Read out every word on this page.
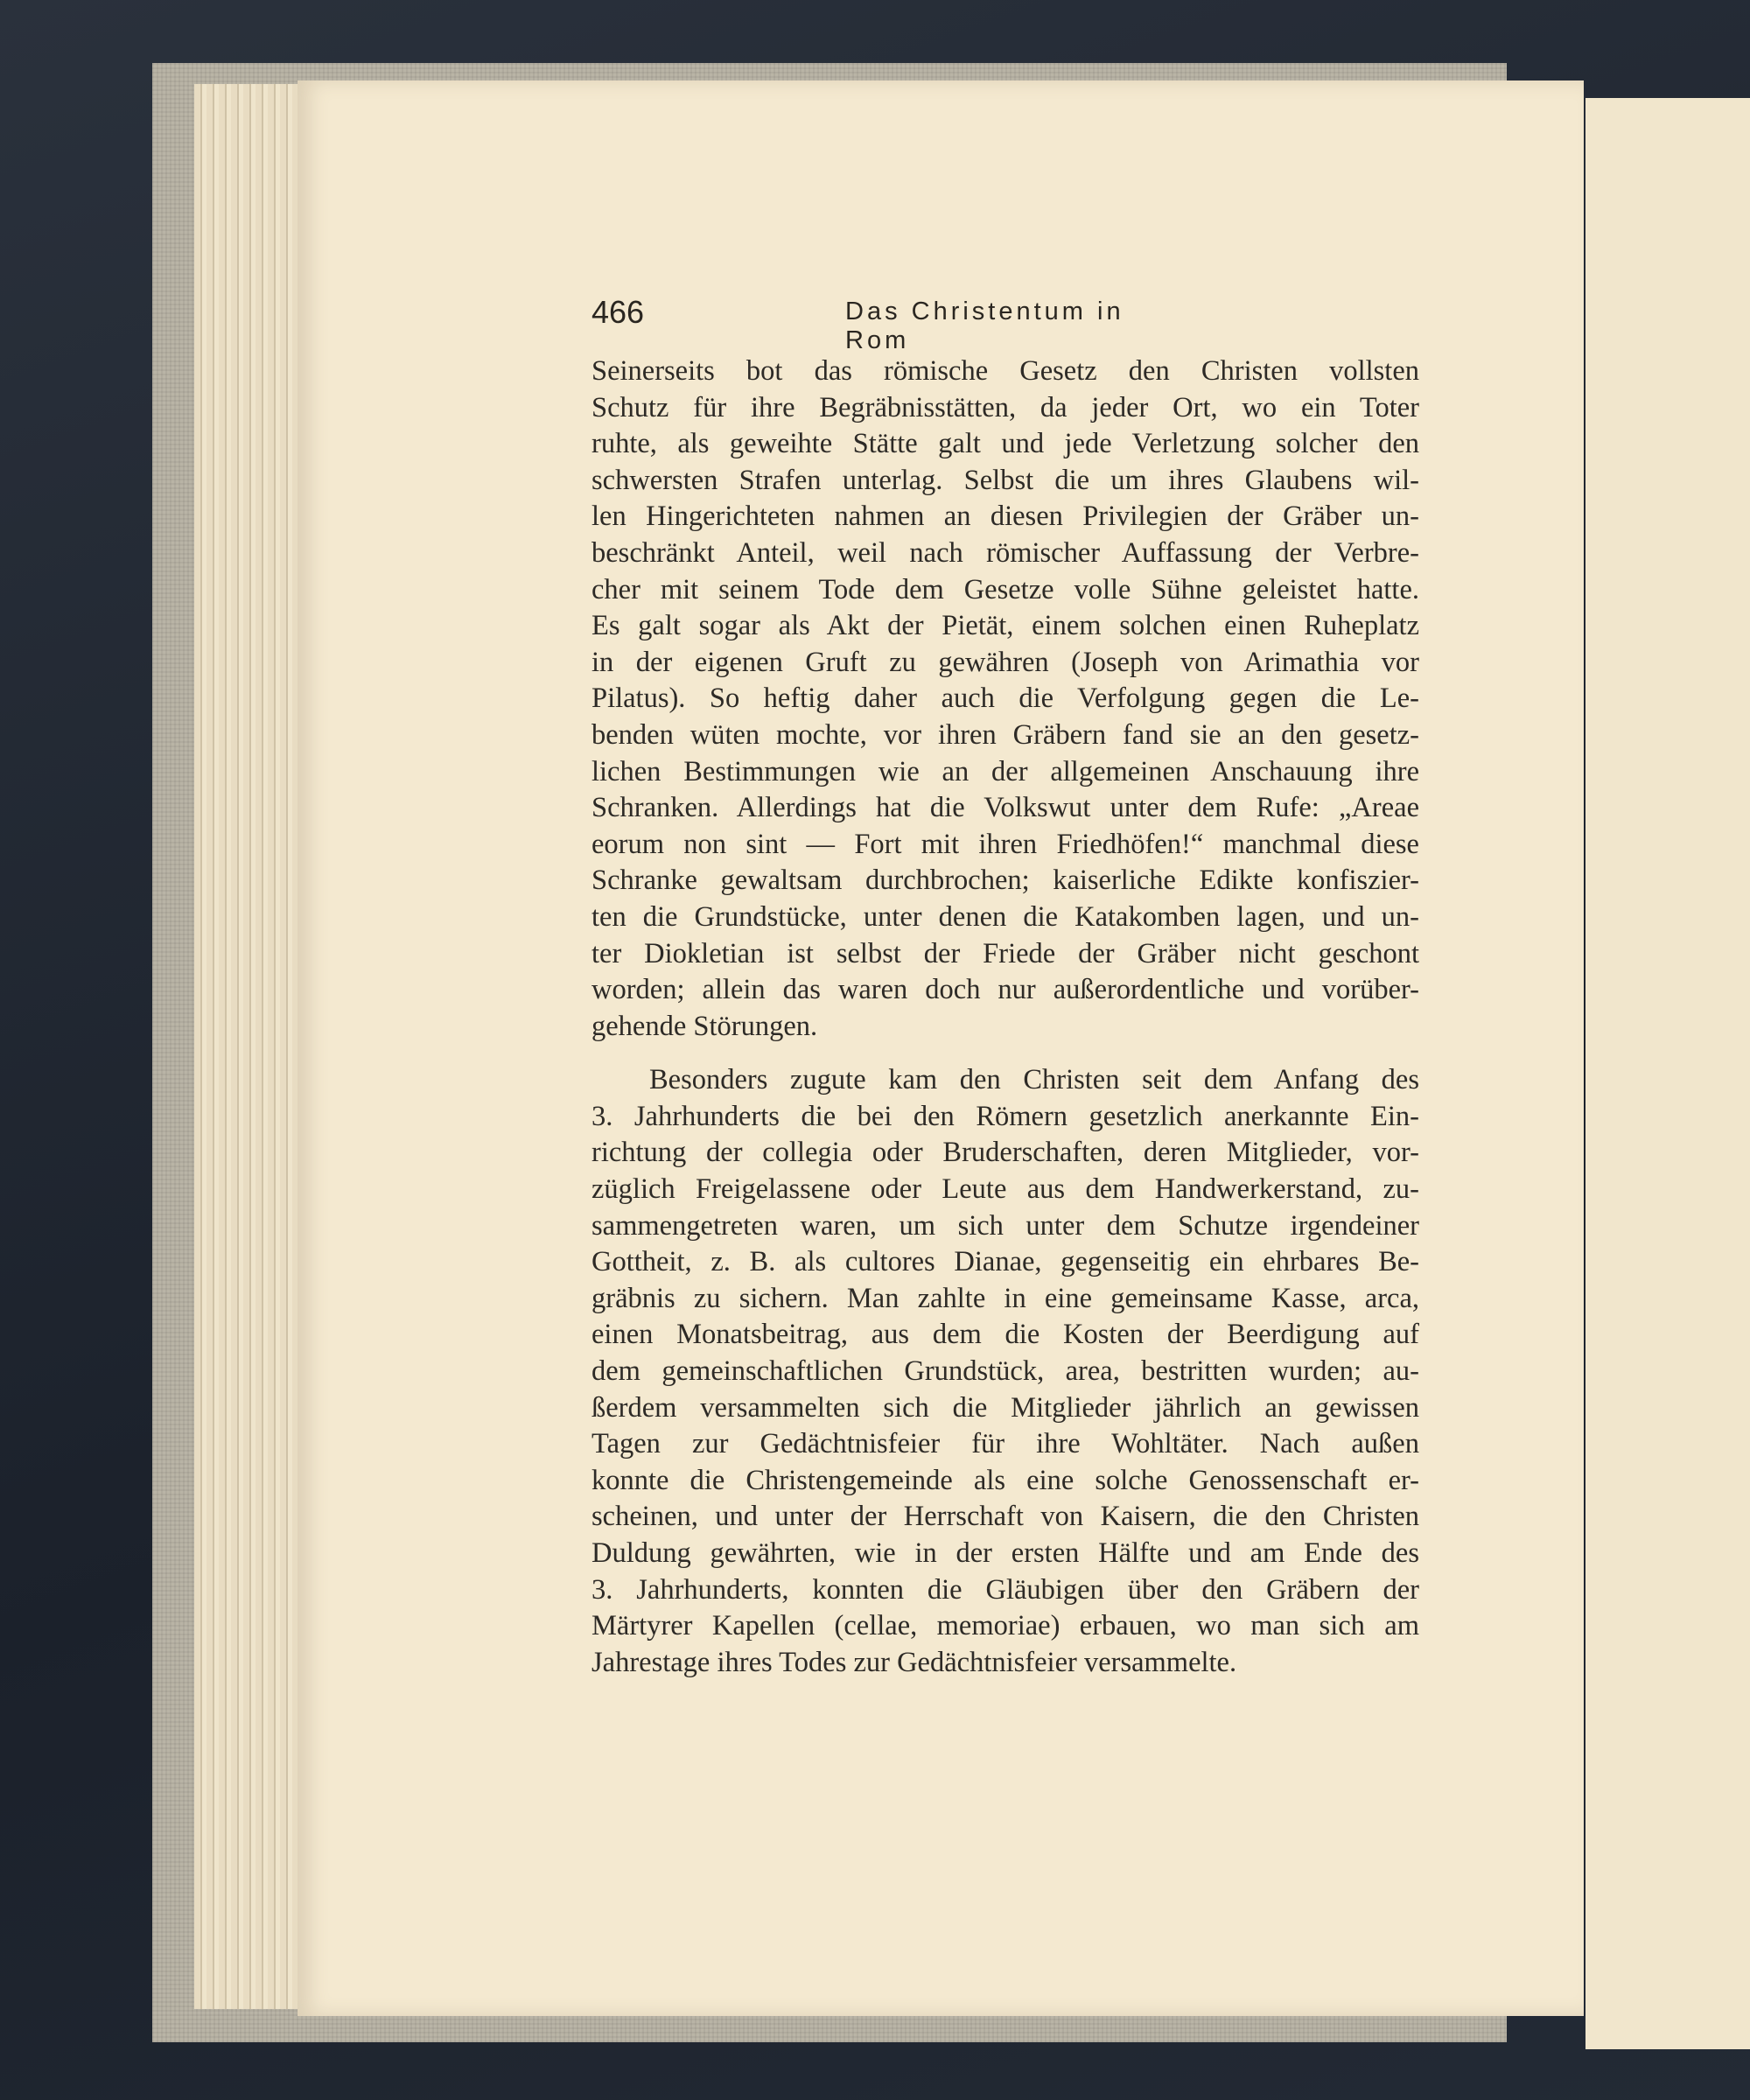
466	Das Christentum in Rom
Seinerseits bot das römische Gesetz den Christen vollsten
Schutz für ihre Begräbnisstätten, da jeder Ort, wo ein Toter
ruhte, als geweihte Stätte galt und jede Verletzung solcher den
schwersten Strafen unterlag. Selbst die um ihres Glaubens wil-
len Hingerichteten nahmen an diesen Privilegien der Gräber un-
beschränkt Anteil, weil nach römischer Auffassung der Verbre-
cher mit seinem Tode dem Gesetze volle Sühne geleistet hatte.
Es galt sogar als Akt der Pietät, einem solchen einen Ruheplatz
in der eigenen Gruft zu gewähren (Joseph von Arimathia vor
Pilatus). So heftig daher auch die Verfolgung gegen die Le-
benden wüten mochte, vor ihren Gräbern fand sie an den gesetz-
lichen Bestimmungen wie an der allgemeinen Anschauung ihre
Schranken. Allerdings hat die Volkswut unter dem Rufe: „Areae
eorum non sint — Fort mit ihren Friedhöfen!“ manchmal diese
Schranke gewaltsam durchbrochen; kaiserliche Edikte konfiszier-
ten die Grundstücke, unter denen die Katakomben lagen, und un-
ter Diokletian ist selbst der Friede der Gräber nicht geschont
worden; allein das waren doch nur außerordentliche und vorüber-
gehende Störungen.
Besonders zugute kam den Christen seit dem Anfang des
3. Jahrhunderts die bei den Römern gesetzlich anerkannte Ein-
richtung der collegia oder Bruderschaften, deren Mitglieder, vor-
züglich Freigelassene oder Leute aus dem Handwerkerstand, zu-
sammengetreten waren, um sich unter dem Schutze irgendeiner
Gottheit, z. B. als cultores Dianae, gegenseitig ein ehrbares Be-
gräbnis zu sichern. Man zahlte in eine gemeinsame Kasse, arca,
einen Monatsbeitrag, aus dem die Kosten der Beerdigung auf
dem gemeinschaftlichen Grundstück, area, bestritten wurden; au-
ßerdem versammelten sich die Mitglieder jährlich an gewissen
Tagen zur Gedächtnisfeier für ihre Wohltäter. Nach außen
konnte die Christengemeinde als eine solche Genossenschaft er-
scheinen, und unter der Herrschaft von Kaisern, die den Christen
Duldung gewährten, wie in der ersten Hälfte und am Ende des
3. Jahrhunderts, konnten die Gläubigen über den Gräbern der
Märtyrer Kapellen (cellae, memoriae) erbauen, wo man sich am
Jahrestage ihres Todes zur Gedächtnisfeier versammelte.
